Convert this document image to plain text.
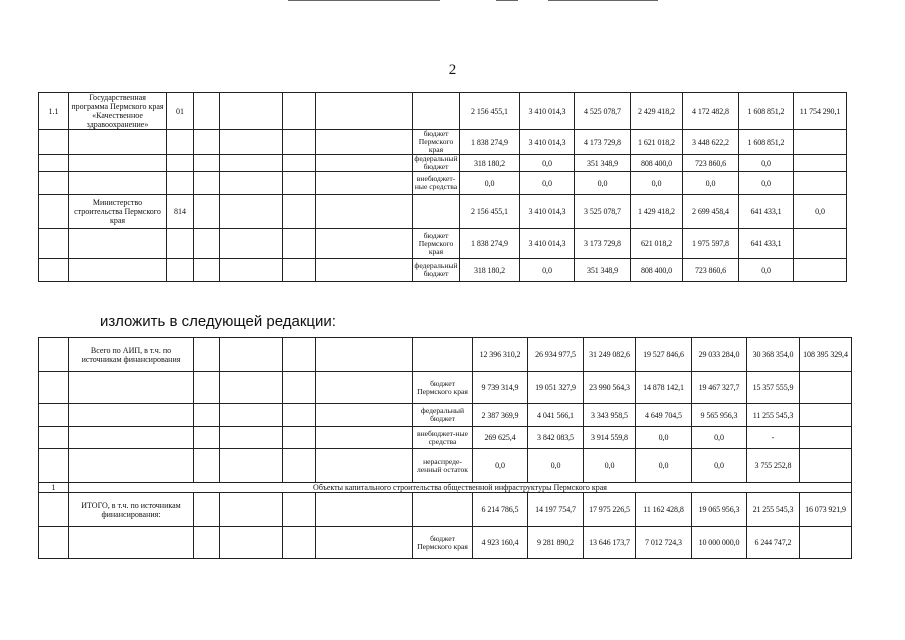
2
1.1	Государственная программа Пермского края «Качественное здравоохранение»	01						2 156 455,1	3 410 014,3	4 525 078,7	2 429 418,2	4 172 482,8	1 608 851,2	11 754 290,1
							бюджет Пермского края	1 838 274,9	3 410 014,3	4 173 729,8	1 621 018,2	3 448 622,2	1 608 851,2	
							федеральный бюджет	318 180,2	0,0	351 348,9	808 400,0	723 860,6	0,0	
							внебюджет-ные средства	0,0	0,0	0,0	0,0	0,0	0,0	
	Министерство строительства Пермского края	814						2 156 455,1	3 410 014,3	3 525 078,7	1 429 418,2	2 699 458,4	641 433,1	0,0
							бюджет Пермского края	1 838 274,9	3 410 014,3	3 173 729,8	621 018,2	1 975 597,8	641 433,1	
							федеральный бюджет	318 180,2	0,0	351 348,9	808 400,0	723 860,6	0,0	
изложить в следующей редакции:
	Всего по АИП, в т.ч. по источникам финансирования						12 396 310,2	26 934 977,5	31 249 082,6	19 527 846,6	29 033 284,0	30 368 354,0	108 395 329,4
						бюджет Пермского края	9 739 314,9	19 051 327,9	23 990 564,3	14 878 142,1	19 467 327,7	15 357 555,9	
						федеральный бюджет	2 387 369,9	4 041 566,1	3 343 958,5	4 649 704,5	9 565 956,3	11 255 545,3	
						внебюджет-ные средства	269 625,4	3 842 083,5	3 914 559,8	0,0	0,0	-	
						нераспреде-ленный остаток	0,0	0,0	0,0	0,0	0,0	3 755 252,8	
1	Объекты капитального строительства общественной инфраструктуры Пермского края												
	ИТОГО, в т.ч. по источникам финансирования:						6 214 786,5	14 197 754,7	17 975 226,5	11 162 428,8	19 065 956,3	21 255 545,3	16 073 921,9
						бюджет Пермского края	4 923 160,4	9 281 890,2	13 646 173,7	7 012 724,3	10 000 000,0	6 244 747,2	
